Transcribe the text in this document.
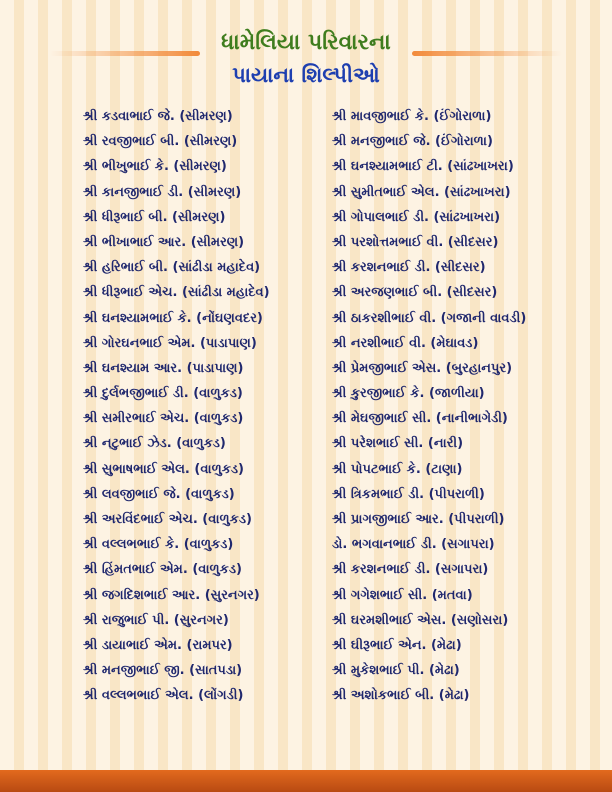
ધામેલિયા પરિવારના
પાયાના શિલ્પીઓ
શ્રી કડવાભાઈ જે. (સીમરણ)
શ્રી રવજીભાઈ બી. (સીમરણ)
શ્રી ભીખુભાઈ કે. (સીમરણ)
શ્રી કાનજીભાઈ ડી. (સીમરણ)
શ્રી ધીરૂભાઈ બી. (સીમરણ)
શ્રી ભીખાભાઈ આર. (સીમરણ)
શ્રી હરિભાઈ બી. (સાંઢીડા મહાદેવ)
શ્રી ધીરૂભાઈ એચ. (સાંઢીડા મહાદેવ)
શ્રી ઘનશ્યામભાઈ કે. (નોંઘણવદર)
શ્રી ગોરઘનભાઈ એમ. (પાડાપાણ)
શ્રી ઘનશ્યામ આર. (પાડાપાણ)
શ્રી દુર્લભજીભાઈ ડી. (વાળુકડ)
શ્રી સમીરભાઈ એચ. (વાળુકડ)
શ્રી નટુભાઈ ઝેડ. (વાળુકડ)
શ્રી સુભાષભાઈ એલ. (વાળુકડ)
શ્રી લવજીભાઈ જે. (વાળુકડ)
શ્રી અરવિંદભાઈ એચ. (વાળુકડ)
શ્રી વલ્લભભાઈ કે. (વાળુકડ)
શ્રી હિંમતભાઈ એમ. (વાળુકડ)
શ્રી જગદિશભાઈ આર. (સુરનગર)
શ્રી રાજુભાઈ પી. (સુરનગર)
શ્રી ડાયાભાઈ એમ. (રામપર)
શ્રી મનજીભાઈ જી. (સાતપડા)
શ્રી વલ્લભભાઈ એલ. (લોંગડી)
શ્રી માવજીભાઈ કે. (ઈંગોરાળા)
શ્રી મનજીભાઈ જે. (ઈંગોરાળા)
શ્રી ઘનશ્યામભાઈ ટી. (સાંઢખાખરા)
શ્રી સુમીતભાઈ એલ. (સાંઢખાખરા)
શ્રી ગોપાલભાઈ ડી. (સાંઢખાખરા)
શ્રી પરશોત્તમભાઈ વી. (સીદસર)
શ્રી કરશનભાઈ ડી. (સીદસર)
શ્રી અરજણભાઈ બી. (સીદસર)
શ્રી ઠાકરશીભાઈ વી. (ગજાની વાવડી)
શ્રી નરશીભાઈ વી. (મેઘાવડ)
શ્રી પ્રેમજીભાઈ એસ. (બુરહાનપુર)
શ્રી કુરજીભાઈ કે. (જાળીયા)
શ્રી મેઘજીભાઈ સી. (નાનીભાગેડી)
શ્રી પરેશભાઈ સી. (નારી)
શ્રી પોપટભાઈ કે. (ટાણા)
શ્રી ત્રિકમભાઈ ડી. (પીપરાળી)
શ્રી પ્રાગજીભાઈ આર. (પીપરાળી)
ડો. ભગવાનભાઈ ડી. (સગાપરા)
શ્રી કરશનભાઈ ડી. (સગાપરા)
શ્રી ગગેશભાઈ સી. (મતવા)
શ્રી ઘરમશીભાઈ એસ. (સણોસરા)
શ્રી ઘીરૂભાઈ એન. (મેઢા)
શ્રી મુકેશભાઈ પી. (મેઢા)
શ્રી અશોકભાઈ બી. (મેઢા)
